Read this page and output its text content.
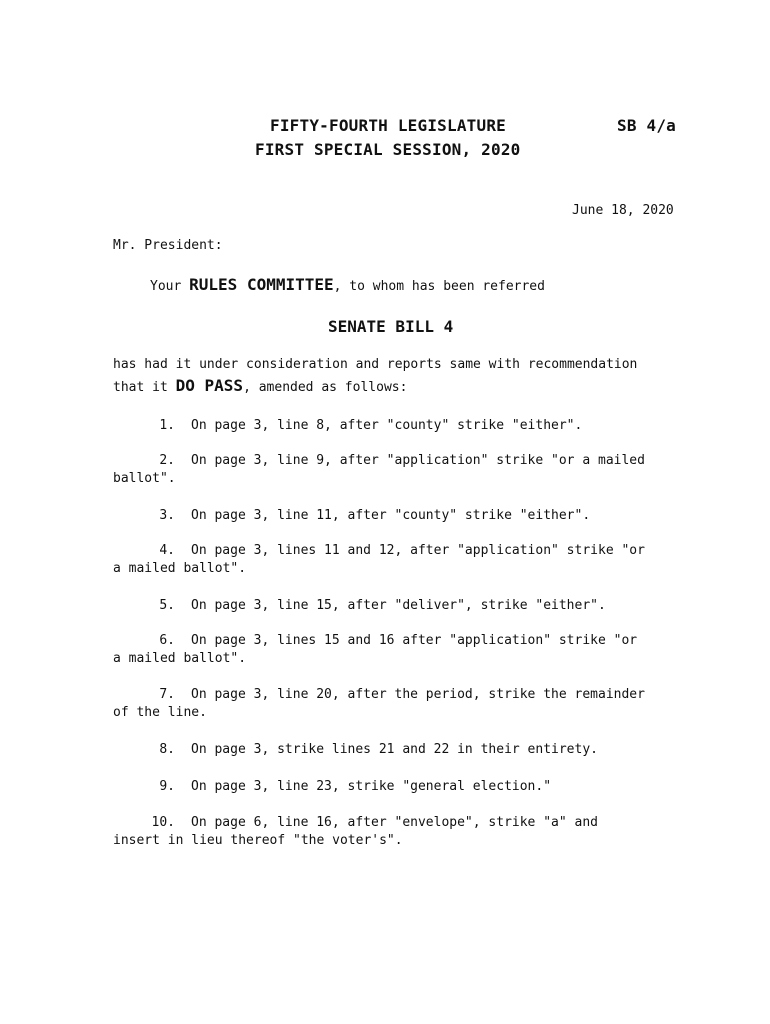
FIFTY-FOURTH LEGISLATURE	SB 4/a
FIRST SPECIAL SESSION, 2020
June 18, 2020
Mr. President:
Your RULES COMMITTEE, to whom has been referred
SENATE BILL 4
has had it under consideration and reports same with recommendation
that it DO PASS, amended as follows:
1. On page 3, line 8, after "county" strike "either".
2. On page 3, line 9, after "application" strike "or a mailed
ballot".
3. On page 3, line 11, after "county" strike "either".
4. On page 3, lines 11 and 12, after "application" strike "or
a mailed ballot".
5. On page 3, line 15, after "deliver", strike "either".
6. On page 3, lines 15 and 16 after "application" strike "or
a mailed ballot".
7. On page 3, line 20, after the period, strike the remainder
of the line.
8. On page 3, strike lines 21 and 22 in their entirety.
9. On page 3, line 23, strike "general election."
10. On page 6, line 16, after "envelope", strike "a" and
insert in lieu thereof "the voter's".
